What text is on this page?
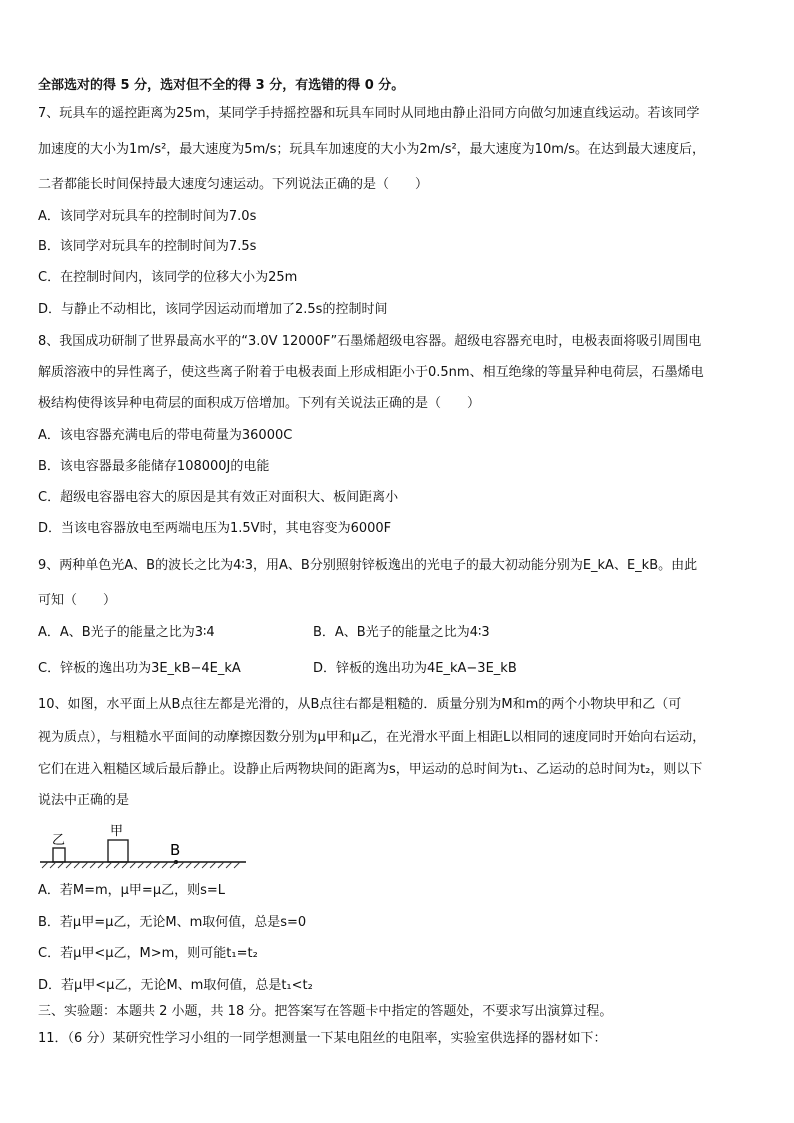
全部选对的得 5 分，选对但不全的得 3 分，有选错的得 0 分。
7、玩具车的遥控距离为25m，某同学手持摇控器和玩具车同时从同地由静止沿同方向做匀加速直线运动。若该同学
加速度的大小为1m/s²，最大速度为5m/s；玩具车加速度的大小为2m/s²，最大速度为10m/s。在达到最大速度后，
二者都能长时间保持最大速度匀速运动。下列说法正确的是（　　）
A．该同学对玩具车的控制时间为7.0s
B．该同学对玩具车的控制时间为7.5s
C．在控制时间内，该同学的位移大小为25m
D．与静止不动相比，该同学因运动而增加了2.5s的控制时间
8、我国成功研制了世界最高水平的“3.0V 12000F”石墨烯超级电容器。超级电容器充电时，电极表面将吸引周围电
解质溶液中的异性离子，使这些离子附着于电极表面上形成相距小于0.5nm、相互绝缘的等量异种电荷层，石墨烯电
极结构使得该异种电荷层的面积成万倍增加。下列有关说法正确的是（　　）
A．该电容器充满电后的带电荷量为36000C
B．该电容器最多能储存108000J的电能
C．超级电容器电容大的原因是其有效正对面积大、板间距离小
D．当该电容器放电至两端电压为1.5V时，其电容变为6000F
9、两种单色光A、B的波长之比为4∶3，用A、B分别照射锌板逸出的光电子的最大初动能分别为E_kA、E_kB。由此
可知（　　）
A．A、B光子的能量之比为3∶4	B．A、B光子的能量之比为4∶3
C．锌板的逸出功为3E_kB−4E_kA	D．锌板的逸出功为4E_kA−3E_kB
10、如图，水平面上从B点往左都是光滑的，从B点往右都是粗糙的．质量分别为M和m的两个小物块甲和乙（可
视为质点），与粗糙水平面间的动摩擦因数分别为μ甲和μ乙，在光滑水平面上相距L以相同的速度同时开始向右运动，
它们在进入粗糙区域后最后静止。设静止后两物块间的距离为s，甲运动的总时间为t₁、乙运动的总时间为t₂，则以下
说法中正确的是
乙
甲
B
A．若M=m，μ甲=μ乙，则s=L
B．若μ甲=μ乙，无论M、m取何值，总是s=0
C．若μ甲<μ乙，M>m，则可能t₁=t₂
D．若μ甲<μ乙，无论M、m取何值，总是t₁<t₂
三、实验题：本题共 2 小题，共 18 分。把答案写在答题卡中指定的答题处，不要求写出演算过程。
11．（6 分）某研究性学习小组的一同学想测量一下某电阻丝的电阻率，实验室供选择的器材如下：
